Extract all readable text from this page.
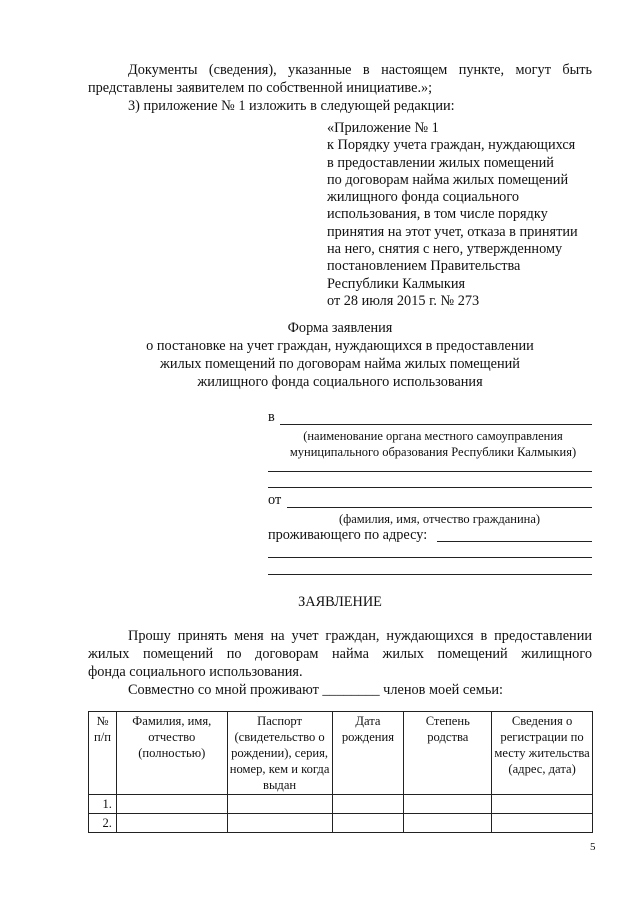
Документы (сведения), указанные в настоящем пункте, могут быть

представлены заявителем по собственной инициативе.»;

3) приложение № 1 изложить в следующей редакции:

«Приложение № 1
к Порядку учета граждан, нуждающихся
в предоставлении жилых помещений
по договорам найма жилых помещений
жилищного фонда социального
использования, в том числе порядку
принятия на этот учет, отказа в принятии
на него, снятия с него, утвержденному
постановлением Правительства
Республики Калмыкия
от 28 июля 2015 г. № 273

Форма заявления

о постановке на учет граждан, нуждающихся в предоставлении

жилых помещений по договорам найма жилых помещений

жилищного фонда социального использования

в

(наименование органа местного самоуправления

муниципального образования Республики Калмыкия)

от

(фамилия, имя, отчество гражданина)

проживающего по адресу:

ЗАЯВЛЕНИЕ

Прошу принять меня на учет граждан, нуждающихся в предоставлении

жилых помещений по договорам найма жилых помещений жилищного

фонда социального использования.

Совместно со мной проживают ________ членов моей семьи:

№ п/п	Фамилия, имя, отчество (полностью)	Паспорт (свидетельство о рождении), серия, номер, кем и когда выдан	Дата рождения	Степень родства	Сведения о регистрации по месту жительства (адрес, дата)
1.					
2.					
5
